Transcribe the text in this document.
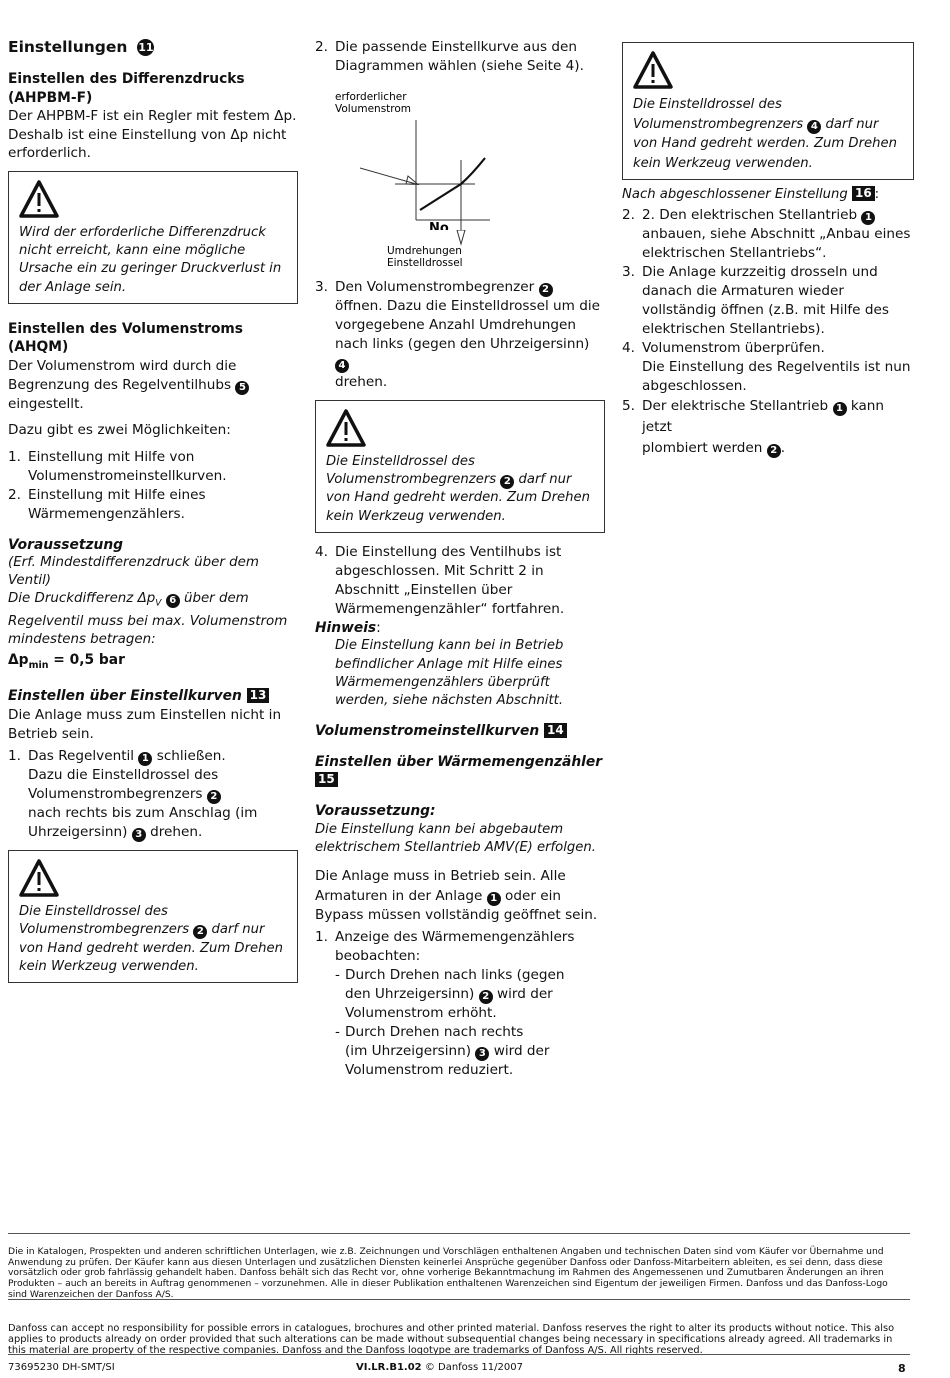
Einstellungen 11
Einstellen des Differenzdrucks
(AHPBM-F)

Der AHPBM-F ist ein Regler mit festem Δp. Deshalb ist eine Einstellung von Δp nicht erforderlich.

Wird der erforderliche Differenzdruck nicht erreicht, kann eine mögliche Ursache ein zu geringer Druckverlust in der Anlage sein.

Einstellen des Volumenstroms (AHQM)

Der Volumenstrom wird durch die Begrenzung des Regelventilhubs 5 eingestellt.

Dazu gibt es zwei Möglichkeiten:

1. Einstellung mit Hilfe von Volumenstromeinstellkurven.
2. Einstellung mit Hilfe eines Wärmemengenzählers.
Voraussetzung

(Erf. Mindestdifferenzdruck über dem Ventil)
Die Druckdifferenz $\Delta p_V$ 6 über dem
Regelventil muss bei max. Volumenstrom
mindestens betragen:

$\Delta p_{min} = 0,5$ bar
Einstellen über Einstellkurven 13

Die Anlage muss zum Einstellen nicht in Betrieb sein.

1. Das Regelventil 1 schließen.
Dazu die Einstelldrossel des
Volumenstrombegrenzers 2
nach rechts bis zum Anschlag (im
Uhrzeigersinn) 3 drehen.

Die Einstelldrossel des
Volumenstrombegrenzers 2 darf nur von Hand gedreht werden. Zum Drehen kein Werkzeug verwenden.

2. Die passende Einstellkurve aus den Diagrammen wählen (siehe Seite 4).
erforderlicher
Volumenstrom
No

Umdrehungen
Einstelldrossel
3. Den Volumenstrombegrenzer 2
öffnen. Dazu die Einstelldrossel um die
vorgegebene Anzahl Umdrehungen
nach links (gegen den Uhrzeigersinn) 4
drehen.

Die Einstelldrossel des
Volumenstrombegrenzers 2 darf nur von Hand gedreht werden. Zum Drehen kein Werkzeug verwenden.

4. Die Einstellung des Ventilhubs ist abgeschlossen. Mit Schritt 2 in Abschnitt „Einstellen über Wärmemengenzähler“ fortfahren.
Hinweis:

Die Einstellung kann bei in Betrieb befindlicher Anlage mit Hilfe eines Wärmemengenzählers überprüft werden, siehe nächsten Abschnitt.

Volumenstromeinstellkurven 14
Einstellen über Wärmemengenzähler 15
Voraussetzung:

Die Einstellung kann bei abgebautem elektrischem Stellantrieb AMV(E) erfolgen.

Die Anlage muss in Betrieb sein. Alle
Armaturen in der Anlage 1 oder ein
Bypass müssen vollständig geöffnet sein.

1. Anzeige des Wärmemengenzählers beobachten:
- Durch Drehen nach links (gegen
den Uhrzeigersinn) 2 wird der
Volumenstrom erhöht.
- Durch Drehen nach rechts
(im Uhrzeigersinn) 3 wird der
Volumenstrom reduziert.

Die Einstelldrossel des
Volumenstrombegrenzers 4 darf nur von Hand gedreht werden. Zum Drehen kein Werkzeug verwenden.

Nach abgeschlossener Einstellung 16 :

2. 2. Den elektrischen Stellantrieb 1 anbauen, siehe Abschnitt „Anbau eines elektrischen Stellantriebs“.
3. Die Anlage kurzzeitig drosseln und danach die Armaturen wieder vollständig öffnen (z.B. mit Hilfe des elektrischen Stellantriebs).
4. Volumenstrom überprüfen.
Die Einstellung des Regelventils ist nun abgeschlossen.
5. Der elektrische Stellantrieb 1 kann jetzt
plombiert werden 2 .

Die in Katalogen, Prospekten und anderen schriftlichen Unterlagen, wie z.B. Zeichnungen und Vorschlägen enthaltenen Angaben und technischen Daten sind vom Käufer vor Übernahme und Anwendung zu prüfen. Der Käufer kann aus diesen Unterlagen und zusätzlichen Diensten keinerlei Ansprüche gegenüber Danfoss oder Danfoss-Mitarbeitern ableiten, es sei denn, dass diese vorsätzlich oder grob fahrlässig gehandelt haben. Danfoss behält sich das Recht vor, ohne vorherige Bekanntmachung im Rahmen des Angemessenen und Zumutbaren Änderungen an ihren Produkten – auch an bereits in Auftrag genommenen – vorzunehmen. Alle in dieser Publikation enthaltenen Warenzeichen sind Eigentum der jeweiligen Firmen. Danfoss und das Danfoss-Logo sind Warenzeichen der Danfoss A/S.

Danfoss can accept no responsibility for possible errors in catalogues, brochures and other printed material. Danfoss reserves the right to alter its products without notice. This also applies to products already on order provided that such alterations can be made without subsequential changes being necessary in specifications already agreed. All trademarks in this material are property of the respective companies. Danfoss and the Danfoss logotype are trademarks of Danfoss A/S. All rights reserved.

73695230 DH-SMT/SI	VI.LR.B1.02 © Danfoss 11/2007	8
